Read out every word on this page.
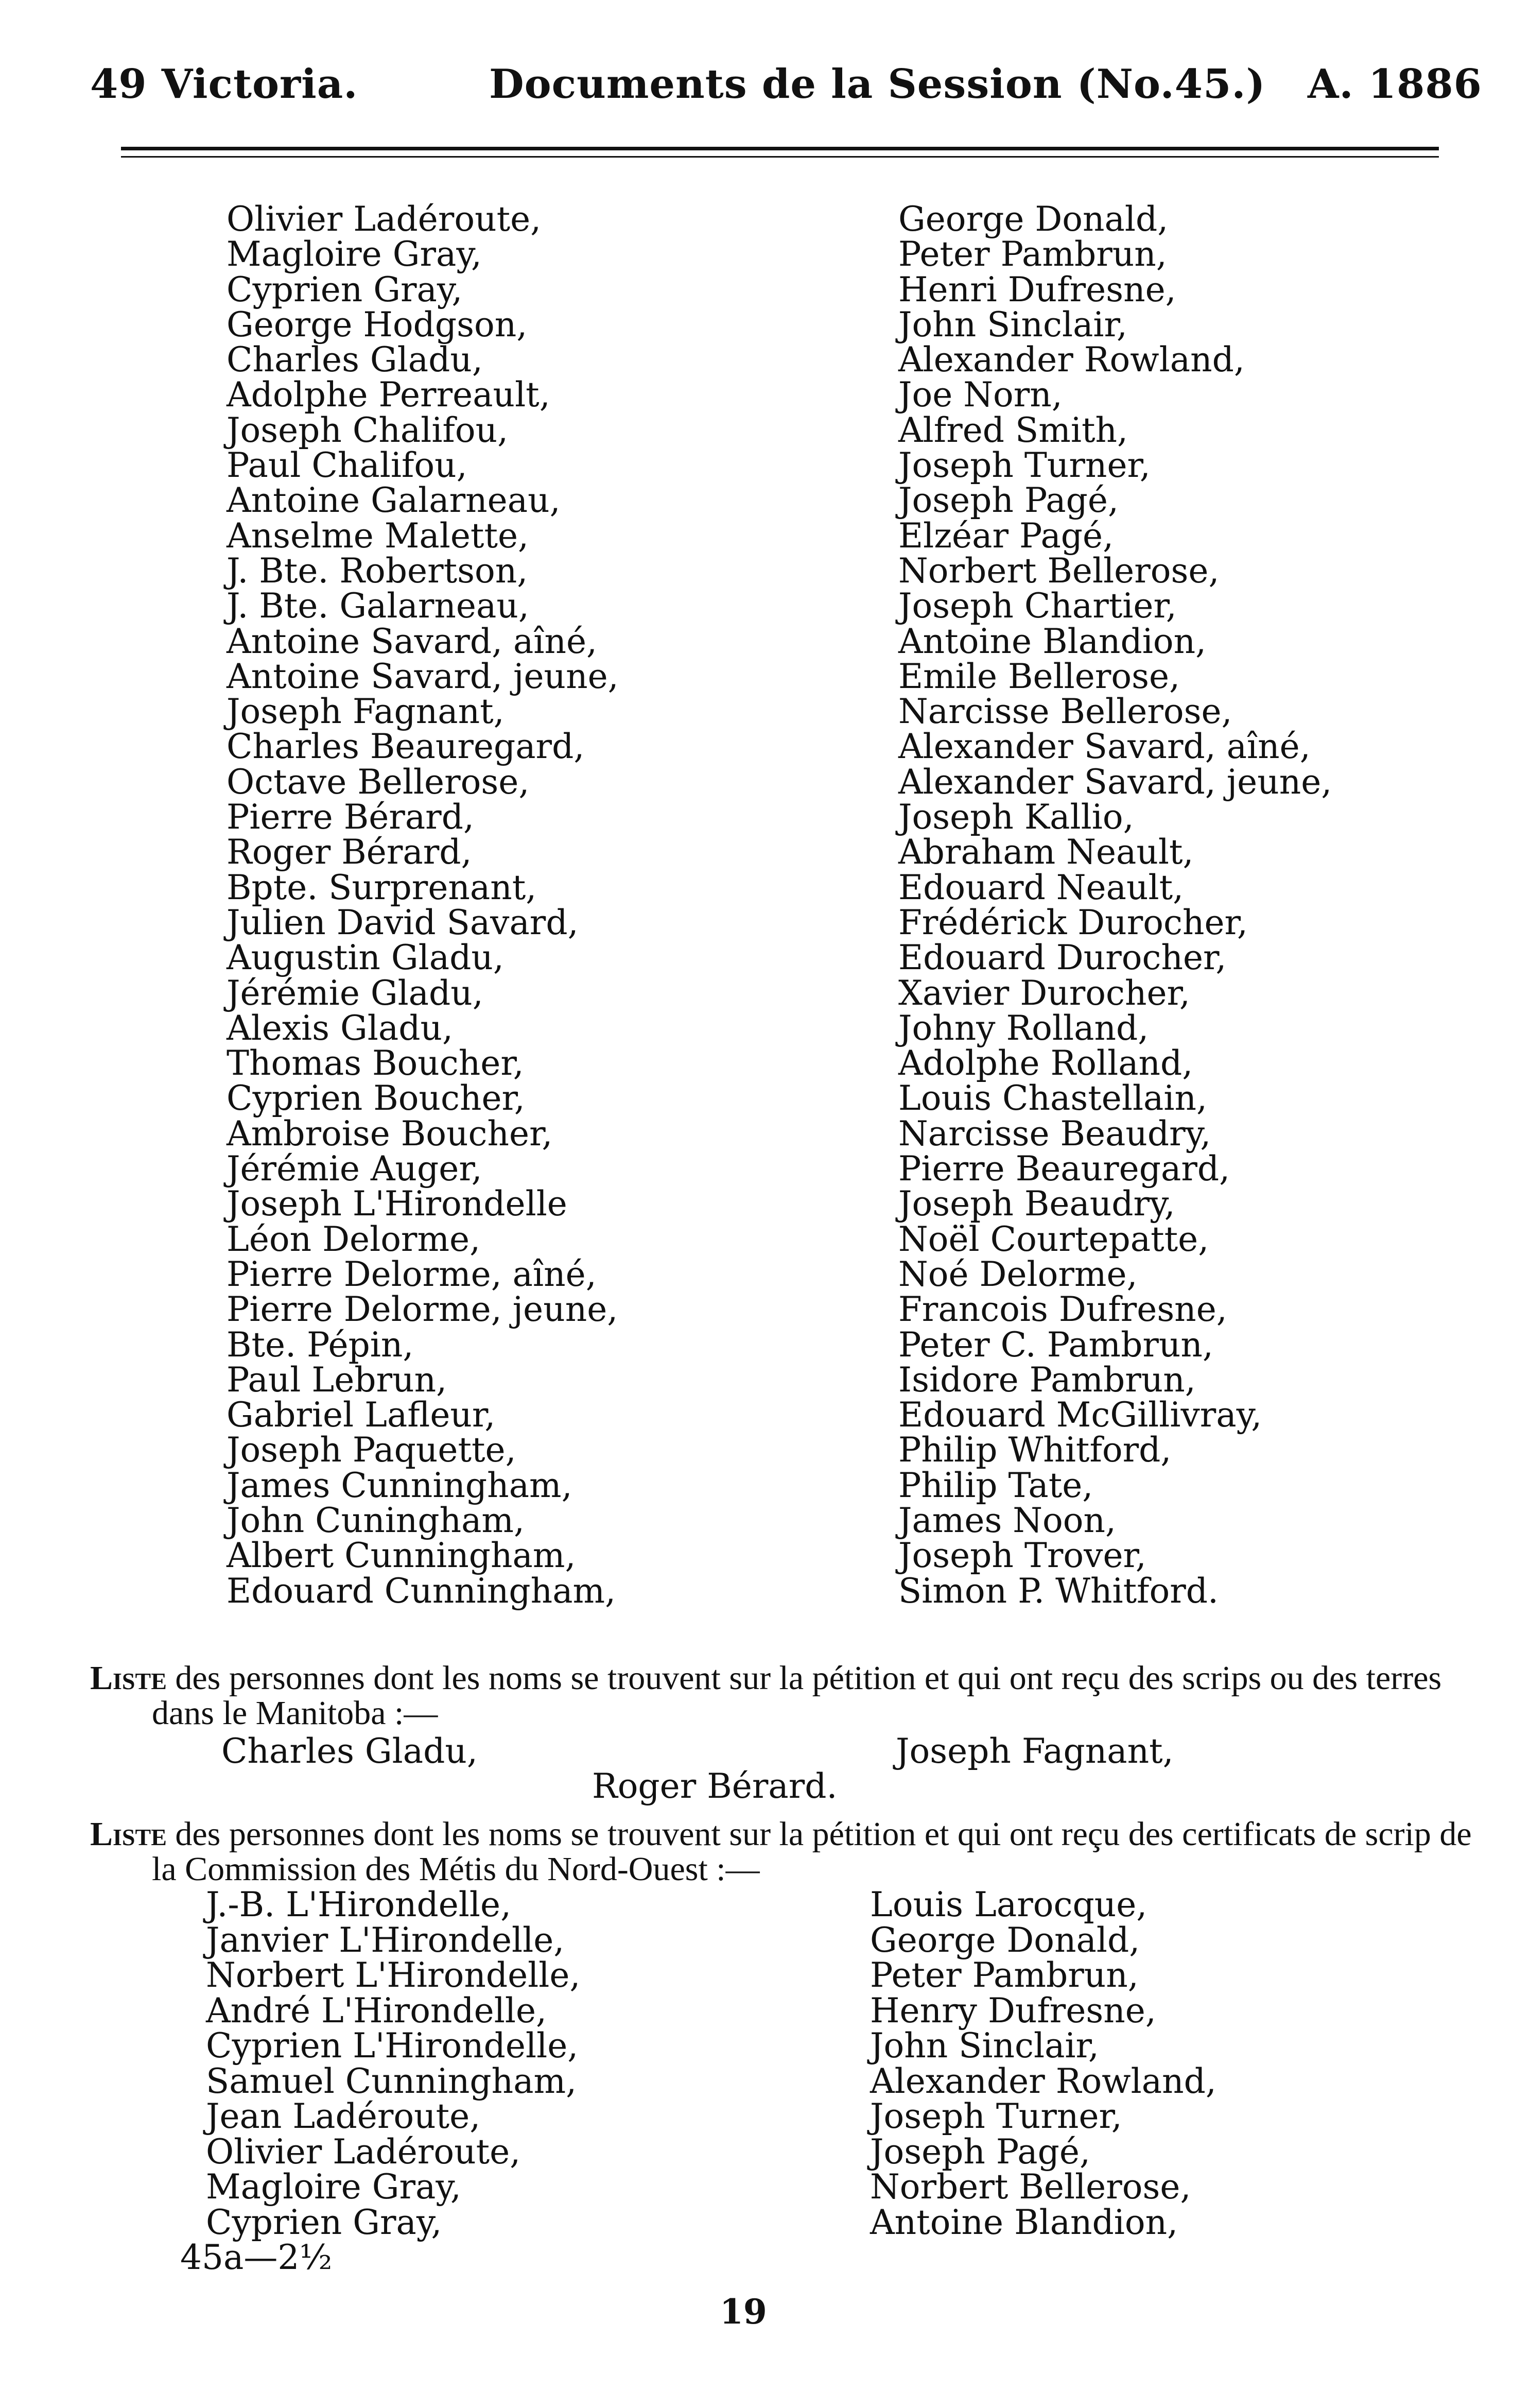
49 Victoria.	Documents de la Session (No.45.) A. 1886
Olivier Ladéroute,
Magloire Gray,
Cyprien Gray,
George Hodgson,
Charles Gladu,
Adolphe Perreault,
Joseph Chalifou,
Paul Chalifou,
Antoine Galarneau,
Anselme Malette,
J. Bte. Robertson,
J. Bte. Galarneau,
Antoine Savard, aîné,
Antoine Savard, jeune,
Joseph Fagnant,
Charles Beauregard,
Octave Bellerose,
Pierre Bérard,
Roger Bérard,
Bpte. Surprenant,
Julien David Savard,
Augustin Gladu,
Jérémie Gladu,
Alexis Gladu,
Thomas Boucher,
Cyprien Boucher,
Ambroise Boucher,
Jérémie Auger,
Joseph L'Hirondelle
Léon Delorme,
Pierre Delorme, aîné,
Pierre Delorme, jeune,
Bte. Pépin,
Paul Lebrun,
Gabriel Lafleur,
Joseph Paquette,
James Cunningham,
John Cuningham,
Albert Cunningham,
Edouard Cunningham,
George Donald,
Peter Pambrun,
Henri Dufresne,
John Sinclair,
Alexander Rowland,
Joe Norn,
Alfred Smith,
Joseph Turner,
Joseph Pagé,
Elzéar Pagé,
Norbert Bellerose,
Joseph Chartier,
Antoine Blandion,
Emile Bellerose,
Narcisse Bellerose,
Alexander Savard, aîné,
Alexander Savard, jeune,
Joseph Kallio,
Abraham Neault,
Edouard Neault,
Frédérick Durocher,
Edouard Durocher,
Xavier Durocher,
Johny Rolland,
Adolphe Rolland,
Louis Chastellain,
Narcisse Beaudry,
Pierre Beauregard,
Joseph Beaudry,
Noël Courtepatte,
Noé Delorme,
Francois Dufresne,
Peter C. Pambrun,
Isidore Pambrun,
Edouard McGillivray,
Philip Whitford,
Philip Tate,
James Noon,
Joseph Trover,
Simon P. Whitford.
Liste des personnes dont les noms se trouvent sur la pétition et qui ont reçu des scrips ou des terres dans le Manitoba :—
Charles Gladu,	Joseph Fagnant,
Roger Bérard.
Liste des personnes dont les noms se trouvent sur la pétition et qui ont reçu des certificats de scrip de la Commission des Métis du Nord-Ouest :—
J.-B. L'Hirondelle,
Janvier L'Hirondelle,
Norbert L'Hirondelle,
André L'Hirondelle,
Cyprien L'Hirondelle,
Samuel Cunningham,
Jean Ladéroute,
Olivier Ladéroute,
Magloire Gray,
Cyprien Gray,
Louis Larocque,
George Donald,
Peter Pambrun,
Henry Dufresne,
John Sinclair,
Alexander Rowland,
Joseph Turner,
Joseph Pagé,
Norbert Bellerose,
Antoine Blandion,
45a—2½
19
